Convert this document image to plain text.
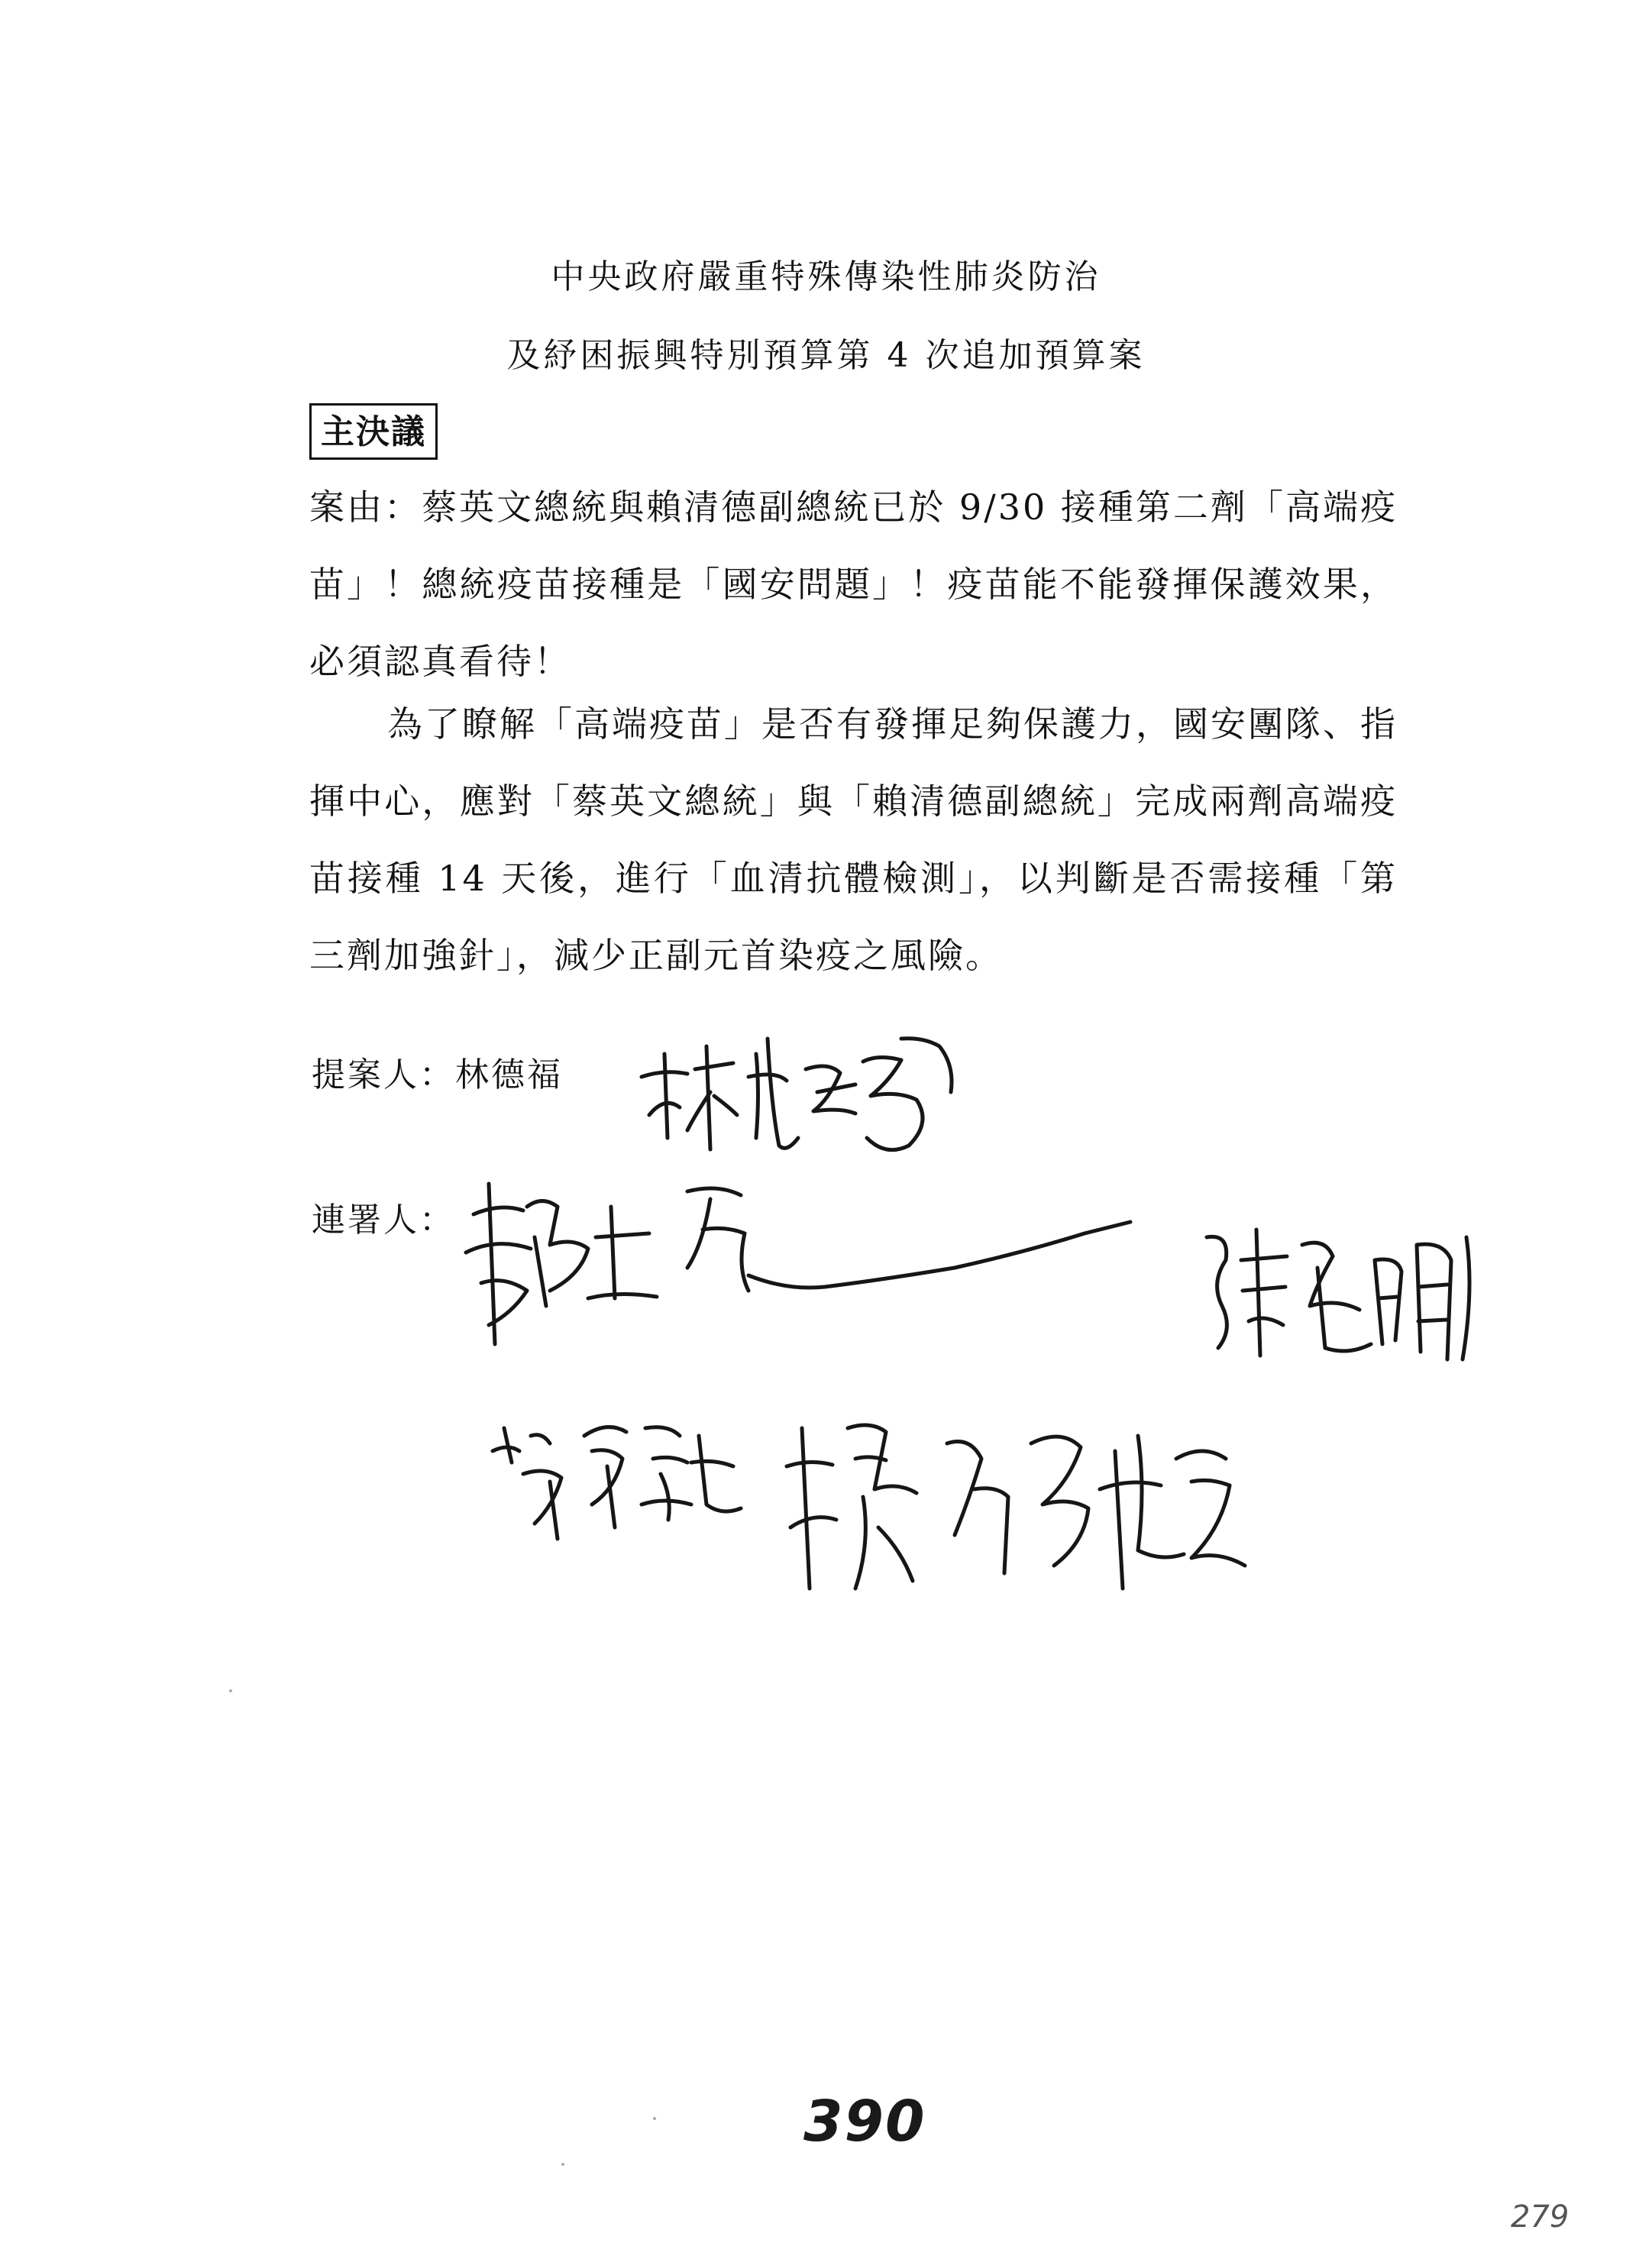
中央政府嚴重特殊傳染性肺炎防治
及紓困振興特別預算第 4 次追加預算案
主決議

案由：蔡英文總統與賴清德副總統已於 9/30 接種第二劑「高端疫苗」！總統疫苗接種是「國安問題」！疫苗能不能發揮保護效果，必須認真看待！

為了瞭解「高端疫苗」是否有發揮足夠保護力，國安團隊、指揮中心，應對「蔡英文總統」與「賴清德副總統」完成兩劑高端疫苗接種 14 天後，進行「血清抗體檢測」，以判斷是否需接種「第三劑加強針」，減少正副元首染疫之風險。

提案人：林德福
連署人：
390
279
